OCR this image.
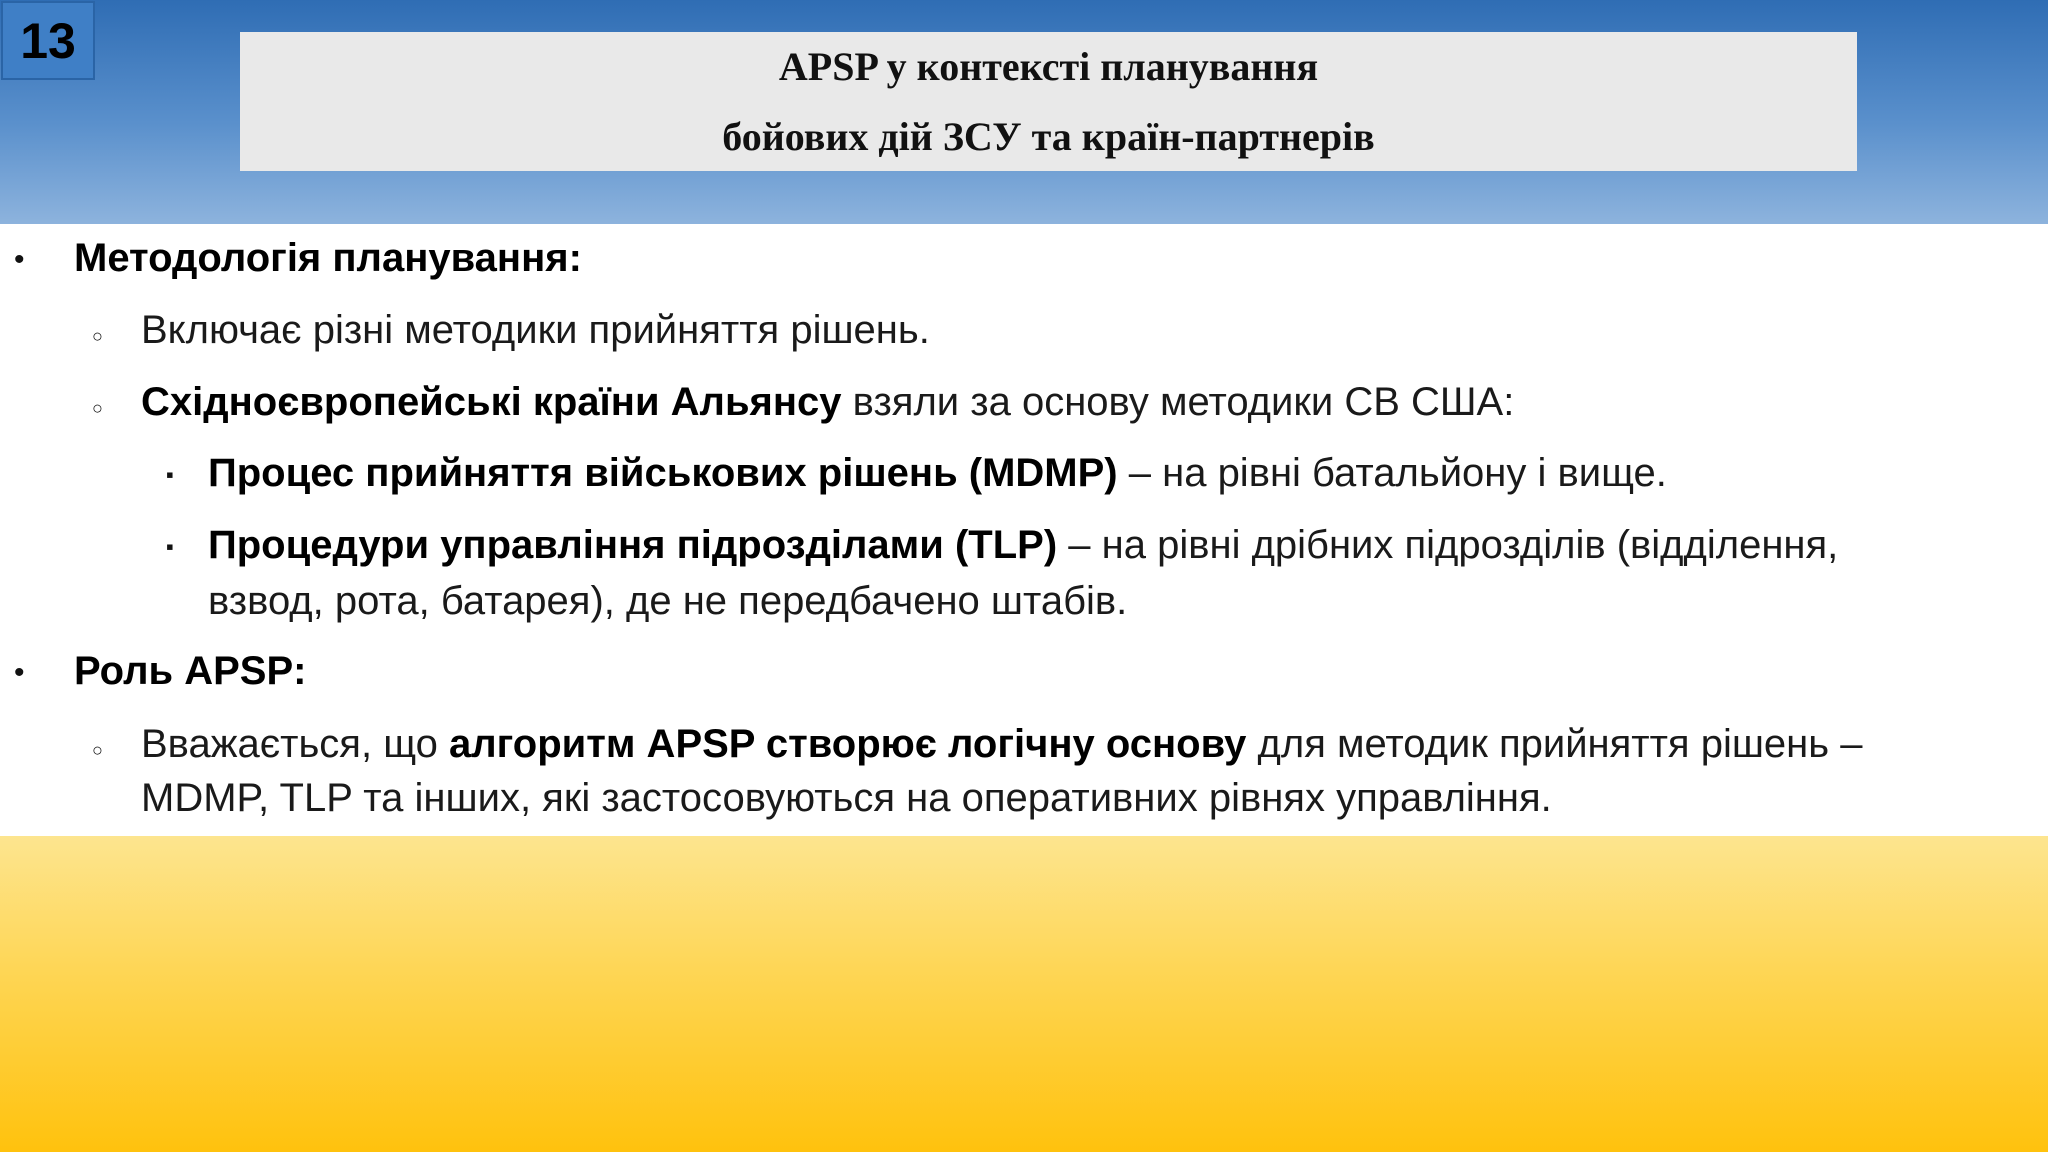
13	APSP у контексті планування
бойових дій ЗСУ та країн-партнерів
• Методологія планування:
○ Включає різні методики прийняття рішень.
○ Східноєвропейські країни Альянсу взяли за основу методики СВ США:
▪ Процес прийняття військових рішень (MDMP) – на рівні батальйону і вище.
▪ Процедури управління підрозділами (TLP) – на рівні дрібних підрозділів (відділення,
взвод, рота, батарея), де не передбачено штабів.
• Роль APSP:
○ Вважається, що алгоритм APSP створює логічну основу для методик прийняття рішень –
MDMP, TLP та інших, які застосовуються на оперативних рівнях управління.
